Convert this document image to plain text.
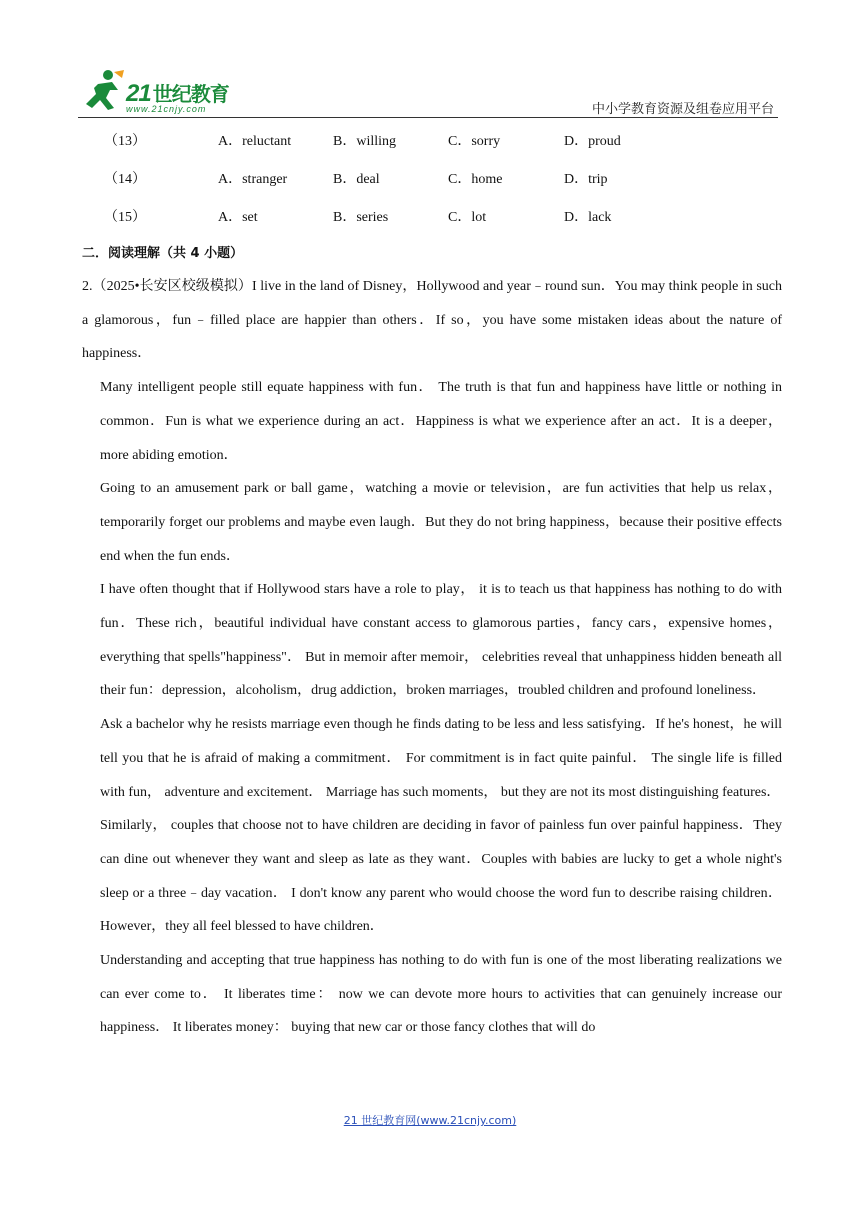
21 世纪教育
www.21cnjy.com	中小学教育资源及组卷应用平台
（13）	A．reluctant	B．willing	C．sorry	D．proud
（14）	A．stranger	B．deal	C．home	D．trip
（15）	A．set	B．series	C．lot	D．lack
二．阅读理解（共 4 小题）

2.（2025•长安区校级模拟）I live in the land of Disney，Hollywood and year﹣round sun．You may think people in such a glamorous，fun﹣filled place are happier than others．If so，you have some mistaken ideas about the nature of happiness．

Many intelligent people still equate happiness with fun． The truth is that fun and happiness have little or nothing in common．Fun is what we experience during an act．Happiness is what we experience after an act．It is a deeper，more abiding emotion．

Going to an amusement park or ball game，watching a movie or television，are fun activities that help us relax，temporarily forget our problems and maybe even laugh．But they do not bring happiness，because their positive effects end when the fun ends．

I have often thought that if Hollywood stars have a role to play， it is to teach us that happiness has nothing to do with fun．These rich，beautiful individual have constant access to glamorous parties，fancy cars，expensive homes，everything that spells"happiness"． But in memoir after memoir， celebrities reveal that unhappiness hidden beneath all their fun：depression，alcoholism，drug addiction，broken marriages，troubled children and profound loneliness．

Ask a bachelor why he resists marriage even though he finds dating to be less and less satisfying．If he's honest，he will tell you that he is afraid of making a commitment． For commitment is in fact quite painful． The single life is filled with fun， adventure and excitement． Marriage has such moments， but they are not its most distinguishing features．

Similarly， couples that choose not to have children are deciding in favor of painless fun over painful happiness．They can dine out whenever they want and sleep as late as they want．Couples with babies are lucky to get a whole night's sleep or a three﹣day vacation． I don't know any parent who would choose the word fun to describe raising children． However，they all feel blessed to have children．

Understanding and accepting that true happiness has nothing to do with fun is one of the most liberating realizations we can ever come to． It liberates time： now we can devote more hours to activities that can genuinely increase our happiness． It liberates money： buying that new car or those fancy clothes that will do

21 世纪教育网(www.21cnjy.com)
